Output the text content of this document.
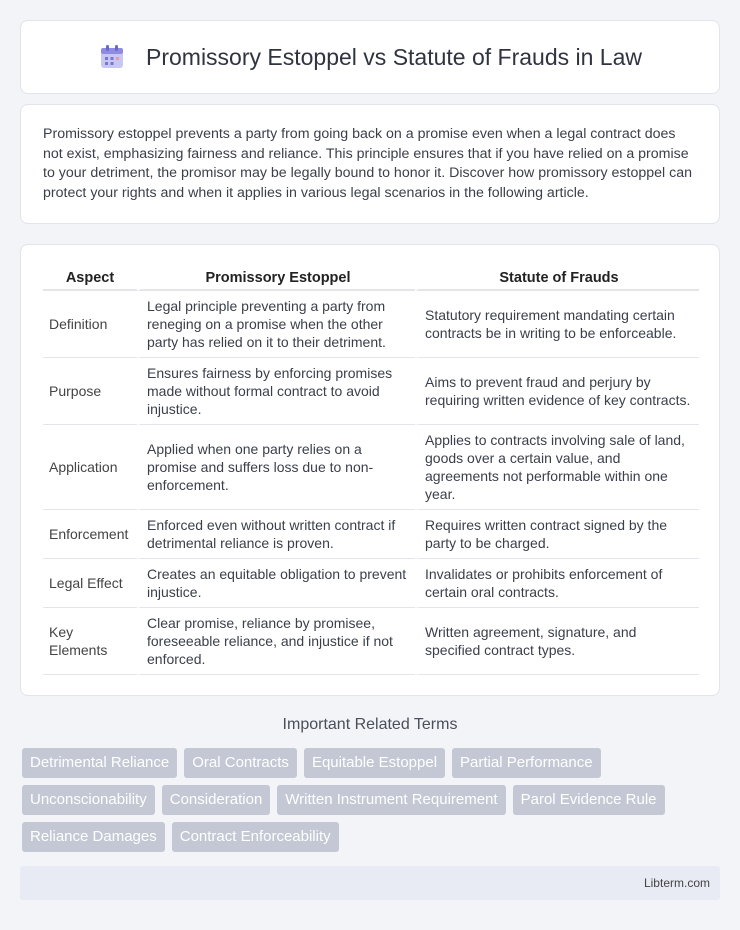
Promissory Estoppel vs Statute of Frauds in Law

Promissory estoppel prevents a party from going back on a promise even when a legal contract does not exist, emphasizing fairness and reliance. This principle ensures that if you have relied on a promise to your detriment, the promisor may be legally bound to honor it. Discover how promissory estoppel can protect your rights and when it applies in various legal scenarios in the following article.

Aspect	Promissory Estoppel	Statute of Frauds
Definition	Legal principle preventing a party from reneging on a promise when the other party has relied on it to their detriment.	Statutory requirement mandating certain contracts be in writing to be enforceable.
Purpose	Ensures fairness by enforcing promises made without formal contract to avoid injustice.	Aims to prevent fraud and perjury by requiring written evidence of key contracts.
Application	Applied when one party relies on a promise and suffers loss due to non-enforcement.	Applies to contracts involving sale of land, goods over a certain value, and agreements not performable within one year.
Enforcement	Enforced even without written contract if detrimental reliance is proven.	Requires written contract signed by the party to be charged.
Legal Effect	Creates an equitable obligation to prevent injustice.	Invalidates or prohibits enforcement of certain oral contracts.
Key Elements	Clear promise, reliance by promisee, foreseeable reliance, and injustice if not enforced.	Written agreement, signature, and specified contract types.
Important Related Terms
Detrimental Reliance	Oral Contracts	Equitable Estoppel	Partial Performance
Unconscionability	Consideration	Written Instrument Requirement	Parol Evidence Rule
Reliance Damages	Contract Enforceability
Libterm.com
